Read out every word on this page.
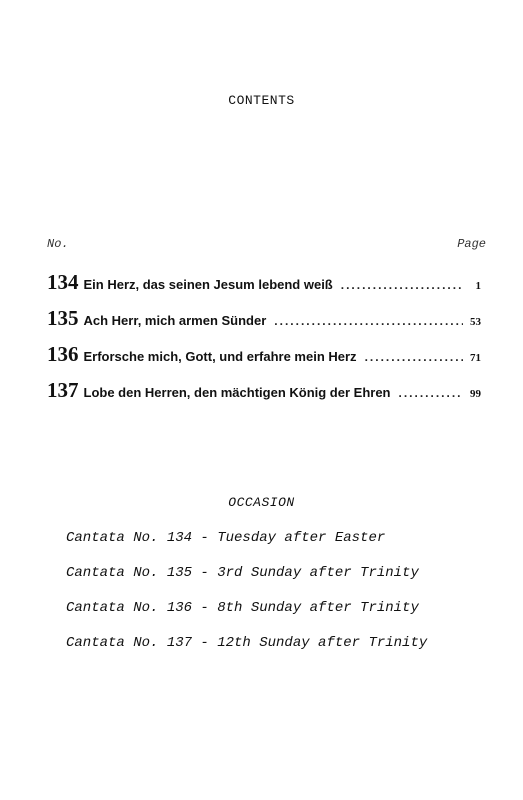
CONTENTS
No.	Page
134 Ein Herz, das seinen Jesum lebend weiß .....	1
135 Ach Herr, mich armen Sünder .....	53
136 Erforsche mich, Gott, und erfahre mein Herz .....	71
137 Lobe den Herren, den mächtigen König der Ehren .....	99
OCCASION
Cantata No. 134 - Tuesday after Easter
Cantata No. 135 - 3rd Sunday after Trinity
Cantata No. 136 - 8th Sunday after Trinity
Cantata No. 137 - 12th Sunday after Trinity
